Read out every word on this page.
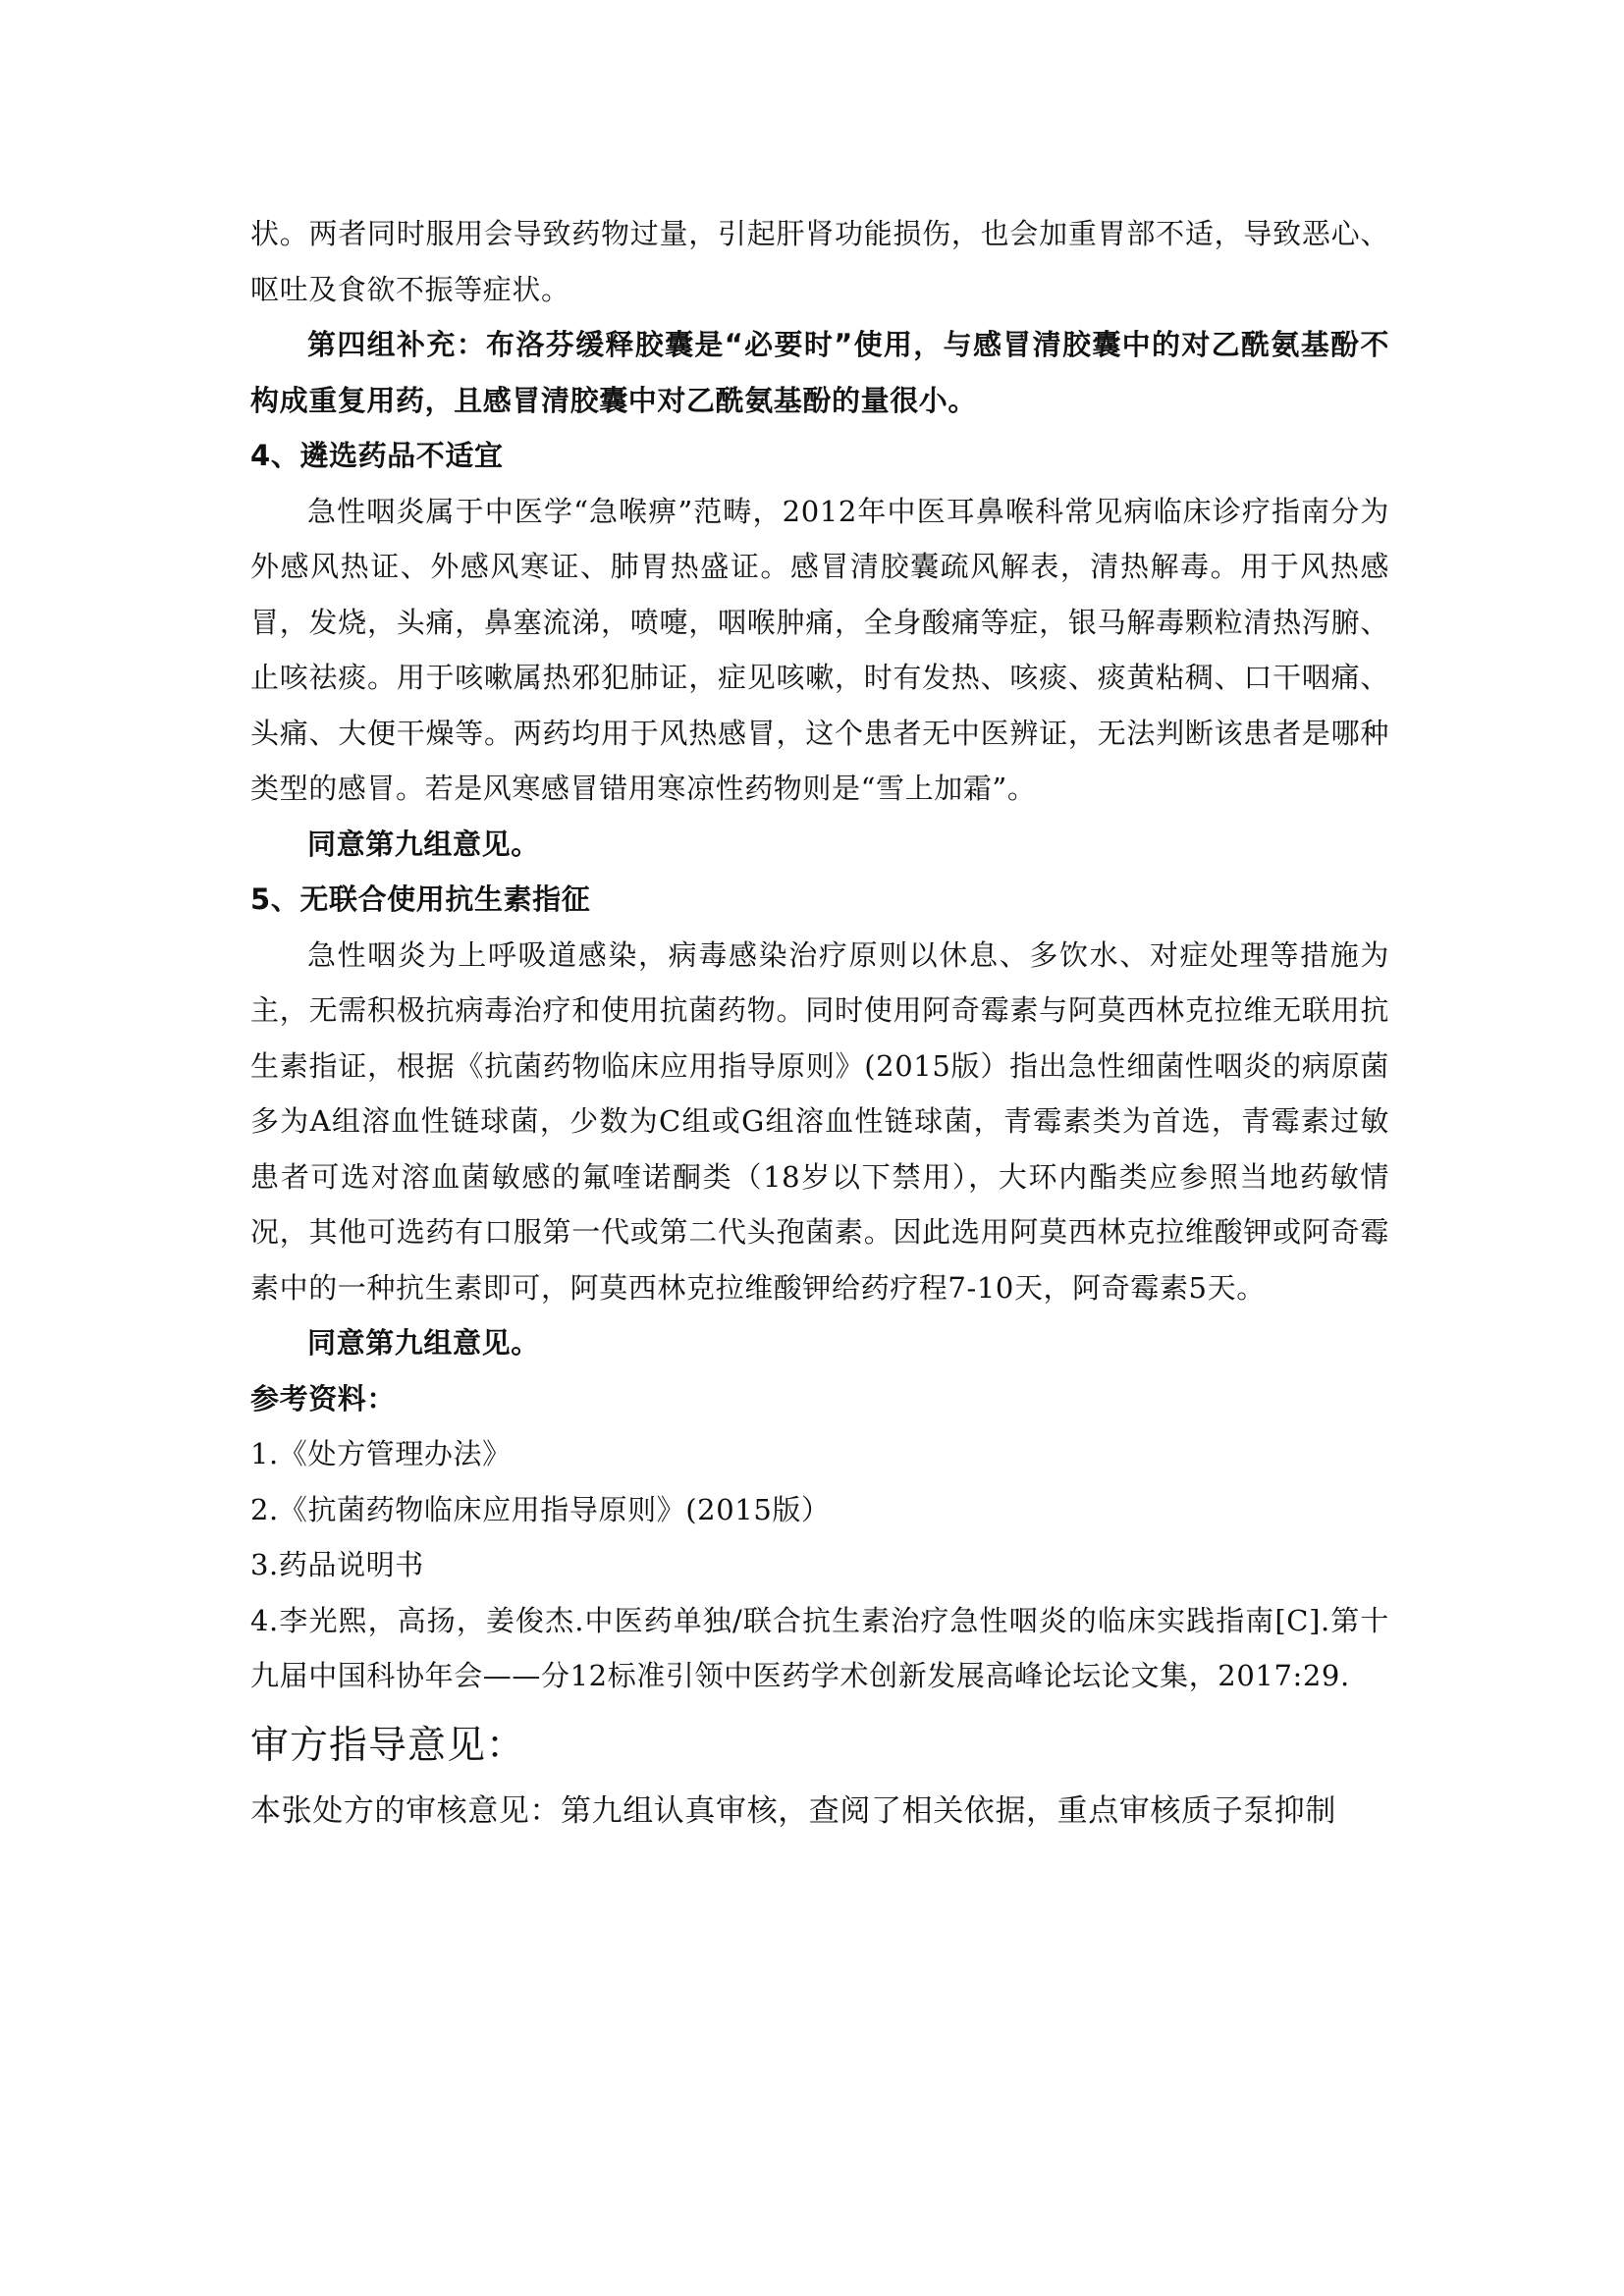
状。两者同时服用会导致药物过量，引起肝肾功能损伤，也会加重胃部不适，导致恶心、呕吐及食欲不振等症状。

第四组补充：布洛芬缓释胶囊是“必要时”使用，与感冒清胶囊中的对乙酰氨基酚不构成重复用药，且感冒清胶囊中对乙酰氨基酚的量很小。

4、遴选药品不适宜

急性咽炎属于中医学“急喉痹”范畴，2012年中医耳鼻喉科常见病临床诊疗指南分为外感风热证、外感风寒证、肺胃热盛证。感冒清胶囊疏风解表，清热解毒。用于风热感冒，发烧，头痛，鼻塞流涕，喷嚏，咽喉肿痛，全身酸痛等症，银马解毒颗粒清热泻腑、止咳祛痰。用于咳嗽属热邪犯肺证，症见咳嗽，时有发热、咳痰、痰黄粘稠、口干咽痛、头痛、大便干燥等。两药均用于风热感冒，这个患者无中医辨证，无法判断该患者是哪种类型的感冒。若是风寒感冒错用寒凉性药物则是“雪上加霜”。

同意第九组意见。

5、无联合使用抗生素指征

急性咽炎为上呼吸道感染，病毒感染治疗原则以休息、多饮水、对症处理等措施为主，无需积极抗病毒治疗和使用抗菌药物。同时使用阿奇霉素与阿莫西林克拉维无联用抗生素指证，根据《抗菌药物临床应用指导原则》(2015版）指出急性细菌性咽炎的病原菌多为A组溶血性链球菌，少数为C组或G组溶血性链球菌，青霉素类为首选，青霉素过敏患者可选对溶血菌敏感的氟喹诺酮类（18岁以下禁用），大环内酯类应参照当地药敏情况，其他可选药有口服第一代或第二代头孢菌素。因此选用阿莫西林克拉维酸钾或阿奇霉素中的一种抗生素即可，阿莫西林克拉维酸钾给药疗程7-10天，阿奇霉素5天。

同意第九组意见。

参考资料：

1.《处方管理办法》

2.《抗菌药物临床应用指导原则》(2015版）

3.药品说明书

4.李光熙，高扬，姜俊杰.中医药单独/联合抗生素治疗急性咽炎的临床实践指南[C].第十九届中国科协年会——分12标准引领中医药学术创新发展高峰论坛论文集，2017:29.

审方指导意见：

本张处方的审核意见：第九组认真审核，查阅了相关依据，重点审核质子泵抑制
